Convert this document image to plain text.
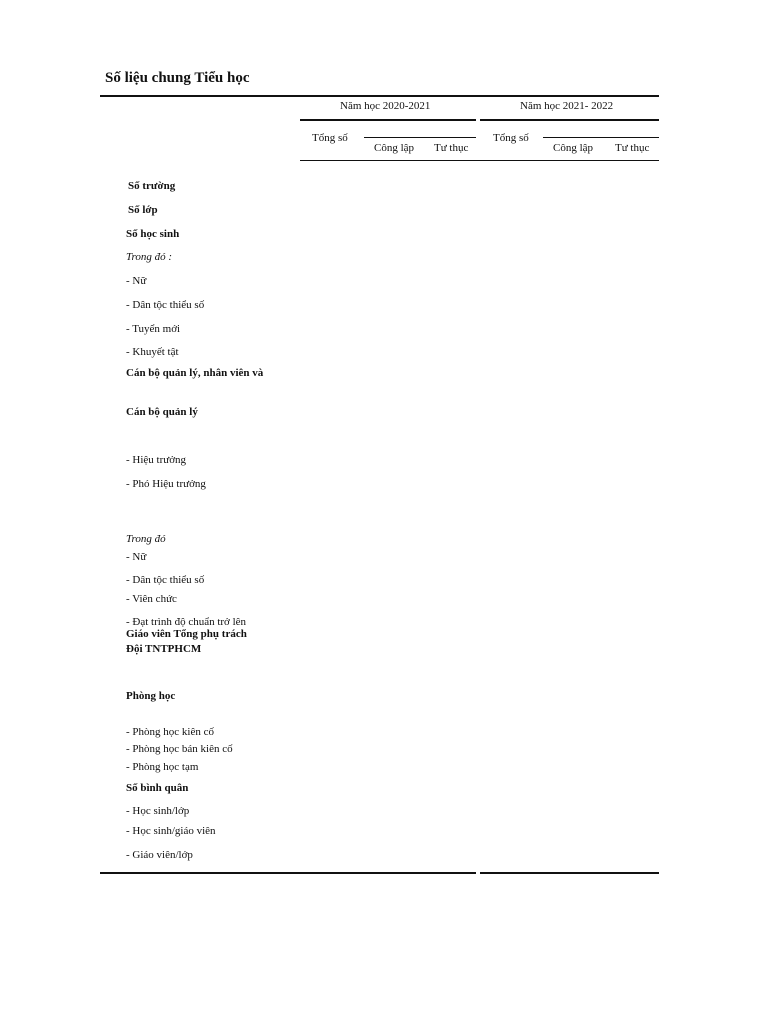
Số liệu chung Tiểu học
Năm học 2020-2021	Năm học 2021- 2022
Tổng số
Công lập Tư thục
Tổng số
Công lập Tư thục
Số trường
Số lớp
Số học sinh
Trong đó :
- Nữ
- Dân tộc thiểu số
- Tuyển mới
- Khuyết tật
Cán bộ quản lý, nhân viên và
Cán bộ quản lý
- Hiệu trưởng
- Phó Hiệu trưởng
Trong đó
- Nữ
- Dân tộc thiểu số
- Viên chức
- Đạt trình độ chuẩn trở lên
Giáo viên Tổng phụ trách
Đội TNTPHCM
Phòng học
- Phòng học kiên cố
- Phòng học bán kiên cố
- Phòng học tạm
Số bình quân
- Học sinh/lớp
- Học sinh/giáo viên
- Giáo viên/lớp
